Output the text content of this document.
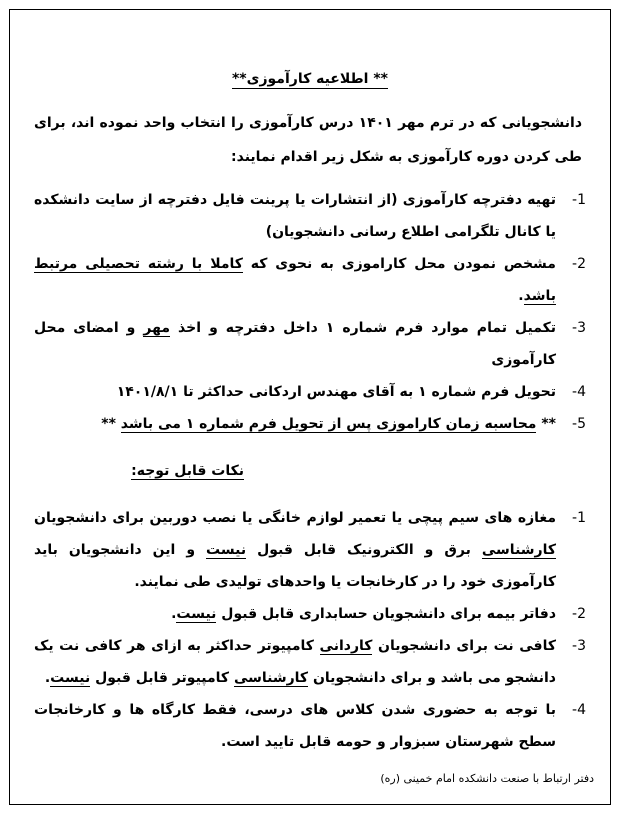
** اطلاعیه کارآموزی**
دانشجویانی که در ترم مهر ۱۴۰۱ درس کارآموزی را انتخاب واحد نموده اند، برای طی کردن دوره کارآموزی به شکل زیر اقدام نمایند:
-1
تهیه دفترچه کارآموزی (از انتشارات یا پرینت فایل دفترچه از سایت دانشکده یا کانال تلگرامی اطلاع رسانی دانشجویان)
-2
مشخص نمودن محل کاراموزی به نحوی که کاملا با رشته تحصیلی مرتبط باشد.
-3
تکمیل تمام موارد فرم شماره ۱ داخل دفترچه و اخذ مهر و امضای محل کارآموزی
-4
تحویل فرم شماره ۱ به آقای مهندس اردکانی حداکثر تا ۱۴۰۱/۸/۱
-5
** محاسبه زمان کاراموزی پس از تحویل فرم شماره ۱ می باشد **
نکات قابل توجه:
-1
مغازه های سیم پیچی یا تعمیر لوازم خانگی یا نصب دوربین برای دانشجویان کارشناسی برق و الکترونیک قابل قبول نیست و این دانشجویان باید کارآموزی خود را در کارخانجات یا واحدهای تولیدی طی نمایند.
-2
دفاتر بیمه برای دانشجویان حسابداری قابل قبول نیست.
-3
کافی نت برای دانشجویان کاردانی کامپیوتر حداکثر به ازای هر کافی نت یک دانشجو می باشد و برای دانشجویان کارشناسی کامپیوتر قابل قبول نیست.
-4
با توجه به حضوری شدن کلاس های درسی، فقط کارگاه ها و کارخانجات سطح شهرستان سبزوار و حومه قابل تایید است.
دفتر ارتباط با صنعت دانشکده امام خمینی (ره)
